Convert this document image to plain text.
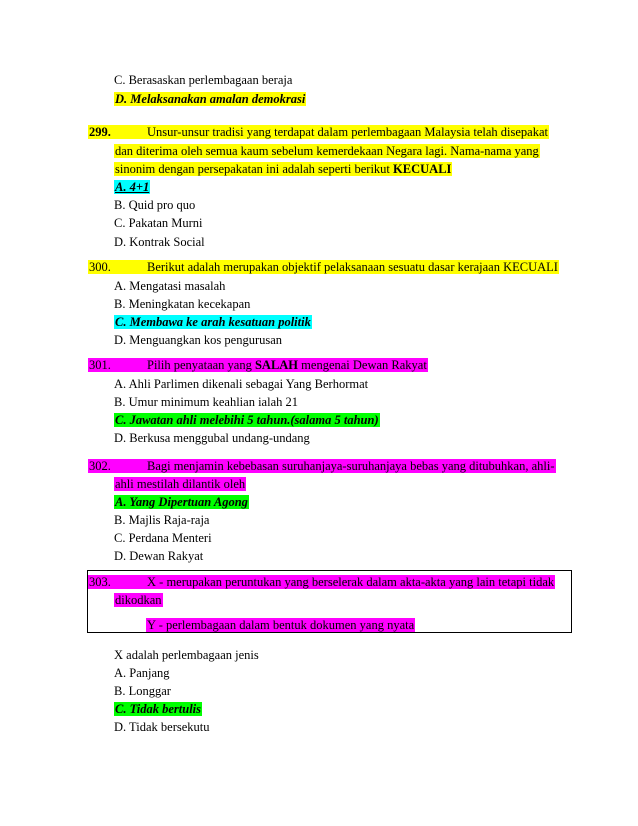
C. Berasaskan perlembagaan beraja
D. Melaksanakan amalan demokrasi
299.	Unsur-unsur tradisi yang terdapat dalam perlembagaan Malaysia telah disepakat
dan diterima oleh semua kaum sebelum kemerdekaan Negara lagi. Nama-nama yang
sinonim dengan persepakatan ini adalah seperti berikut KECUALI
A. 4+1
B. Quid pro quo
C. Pakatan Murni
D. Kontrak Social
300.	Berikut adalah merupakan objektif pelaksanaan sesuatu dasar kerajaan KECUALI
A. Mengatasi masalah
B. Meningkatan kecekapan
C. Membawa ke arah kesatuan politik
D. Menguangkan kos pengurusan
301.	Pilih penyataan yang SALAH mengenai Dewan Rakyat
A. Ahli Parlimen dikenali sebagai Yang Berhormat
B. Umur minimum keahlian ialah 21
C. Jawatan ahli melebihi 5 tahun.(salama 5 tahun)
D. Berkusa menggubal undang-undang
302.	Bagi menjamin kebebasan suruhanjaya-suruhanjaya bebas yang ditubuhkan, ahli-
ahli mestilah dilantik oleh
A. Yang Dipertuan Agong
B. Majlis Raja-raja
C. Perdana Menteri
D. Dewan Rakyat
303.	X - merupakan peruntukan yang berselerak dalam akta-akta yang lain tetapi tidak
dikodkan
Y - perlembagaan dalam bentuk dokumen yang nyata
X adalah perlembagaan jenis
A. Panjang
B. Longgar
C. Tidak bertulis
D. Tidak bersekutu
